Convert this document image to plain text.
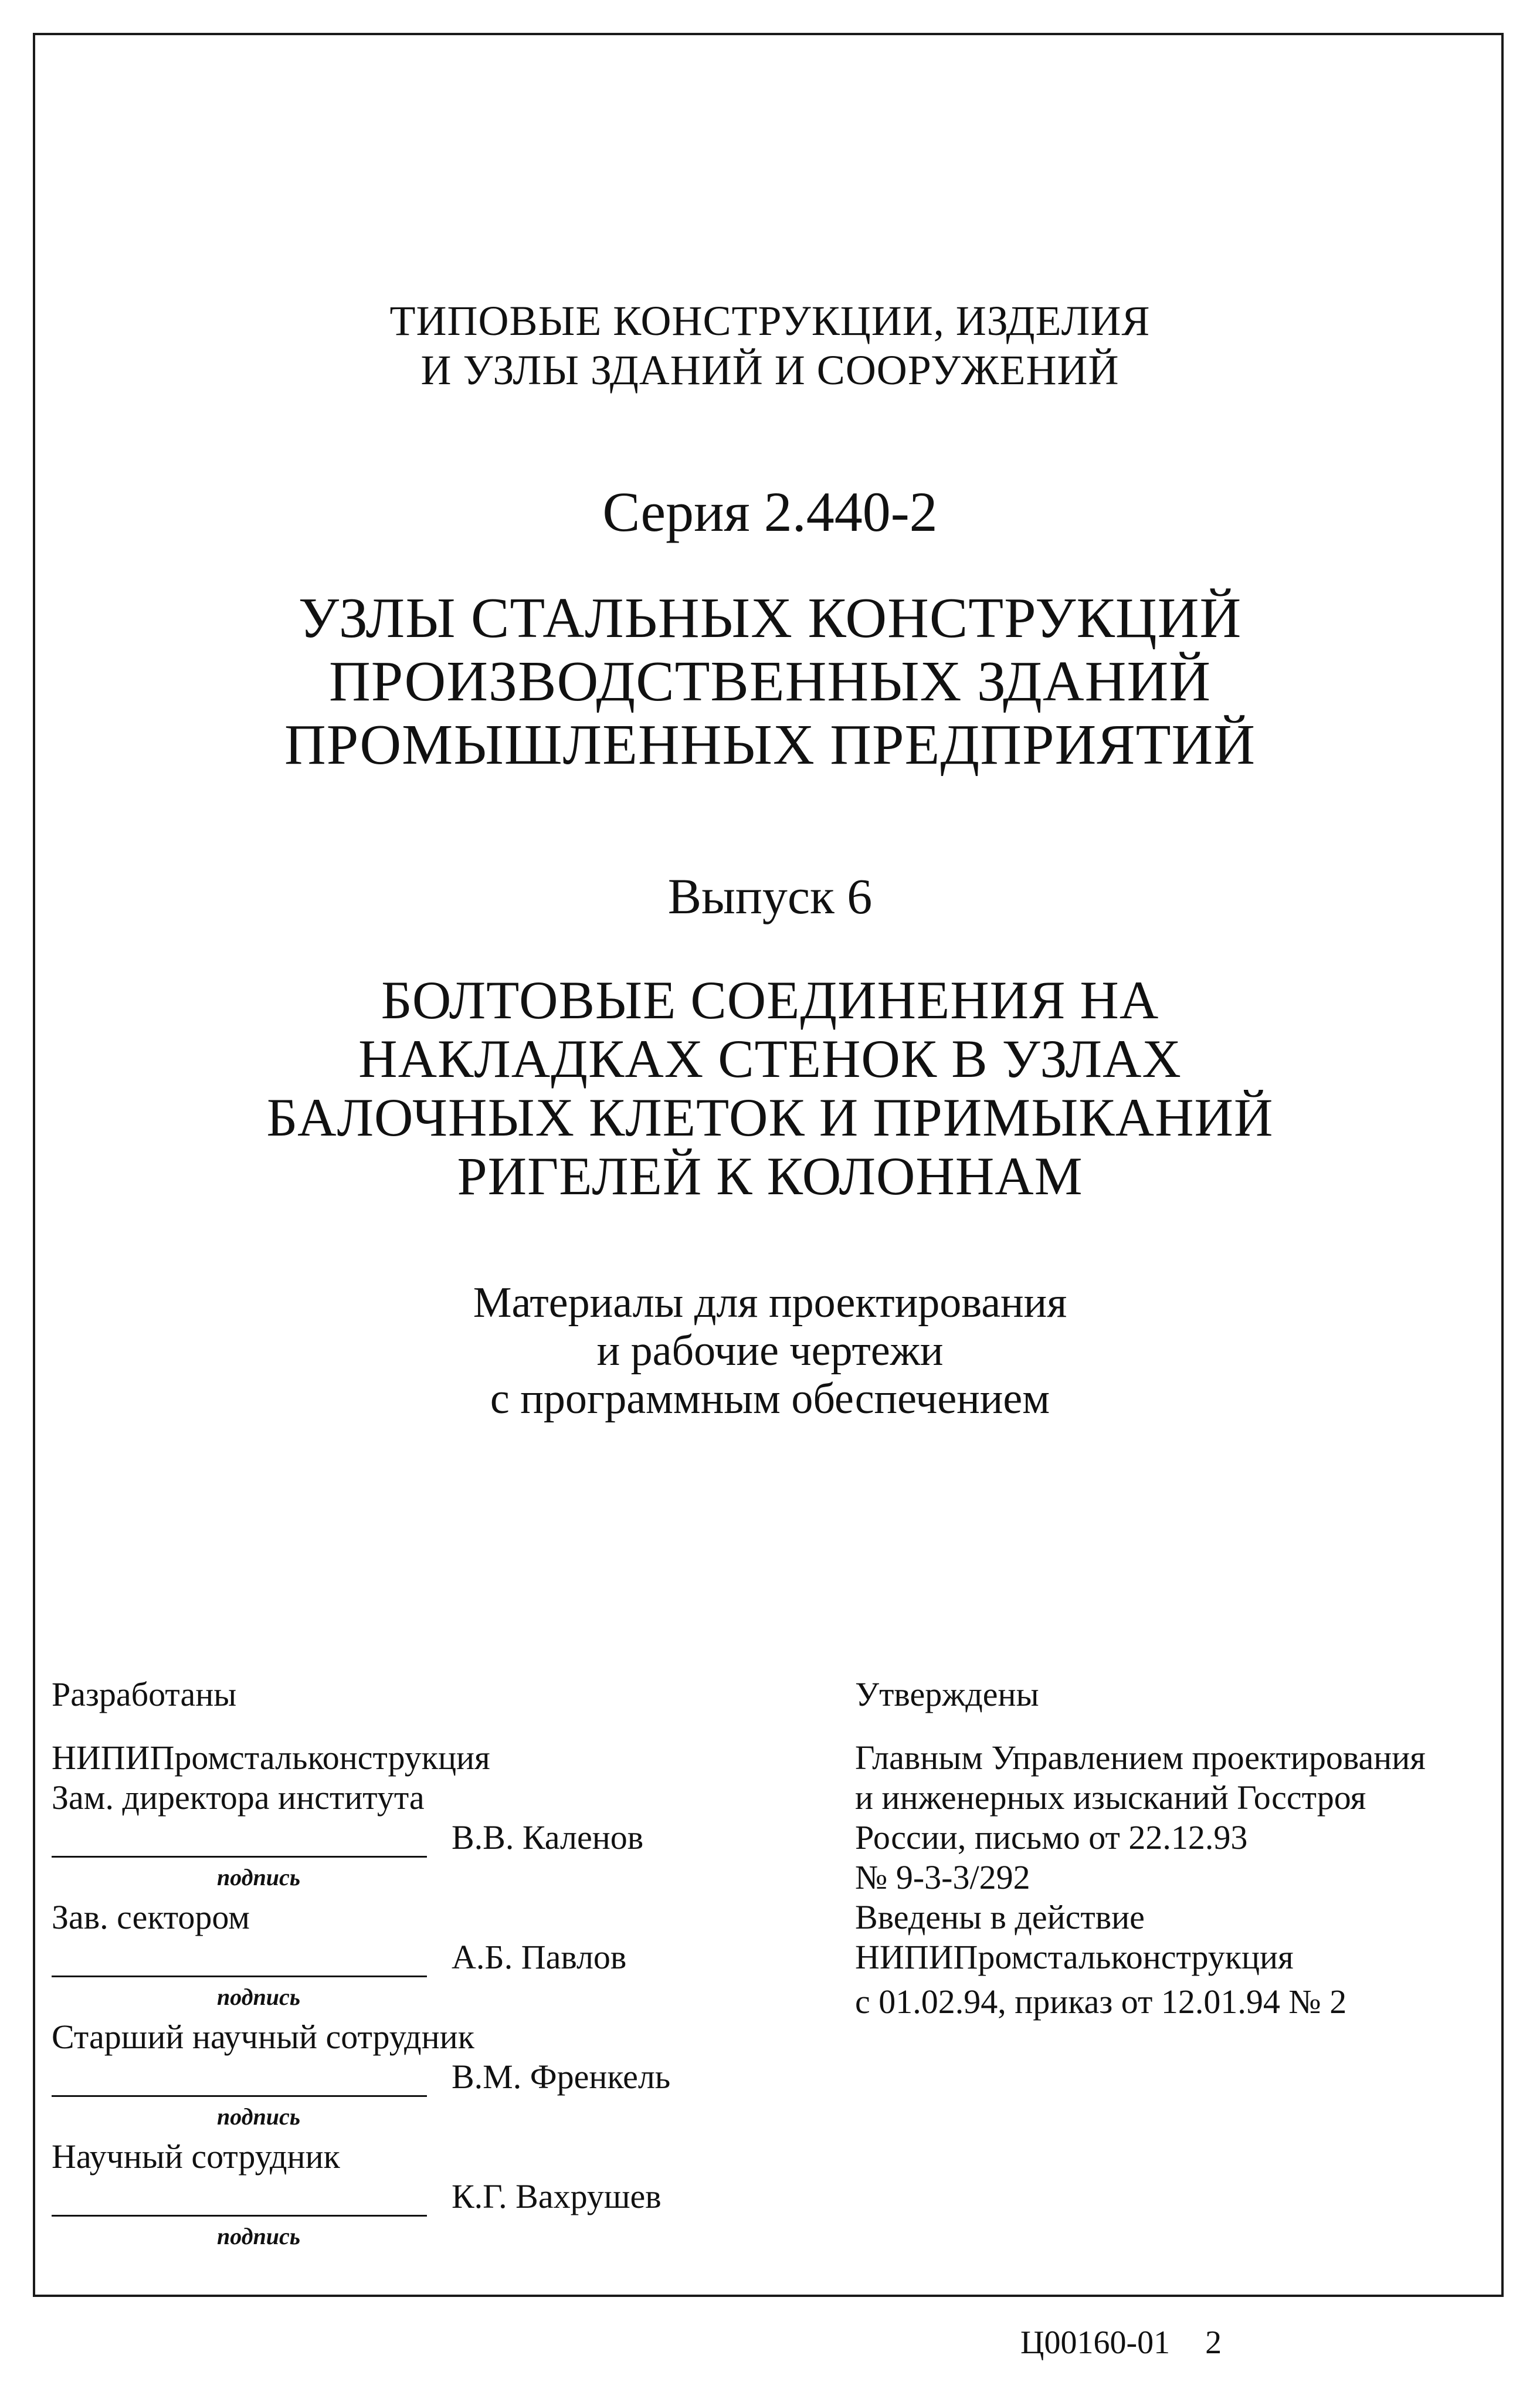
ТИПОВЫЕ КОНСТРУКЦИИ, ИЗДЕЛИЯ
И УЗЛЫ ЗДАНИЙ И СООРУЖЕНИЙ
Серия 2.440-2
УЗЛЫ СТАЛЬНЫХ КОНСТРУКЦИЙ
ПРОИЗВОДСТВЕННЫХ ЗДАНИЙ
ПРОМЫШЛЕННЫХ ПРЕДПРИЯТИЙ
Выпуск 6
БОЛТОВЫЕ СОЕДИНЕНИЯ НА
НАКЛАДКАХ СТЕНОК В УЗЛАХ
БАЛОЧНЫХ КЛЕТОК И ПРИМЫКАНИЙ
РИГЕЛЕЙ К КОЛОННАМ
Материалы для проектирования
и рабочие чертежи
с программным обеспечением
Разработаны
НИПИПромстальконструкция
Зам. директора института
В.В. Каленов
подпись
Зав. сектором
А.Б. Павлов
подпись
Старший научный сотрудник
В.М. Френкель
подпись
Научный сотрудник
К.Г. Вахрушев
подпись
Утверждены
Главным Управлением проектирования
и инженерных изысканий Госстроя
России, письмо от 22.12.93
№ 9-3-3/292
Введены в действие
НИПИПромстальконструкция
с 01.02.94, приказ от 12.01.94 № 2
Ц00160-01 2
